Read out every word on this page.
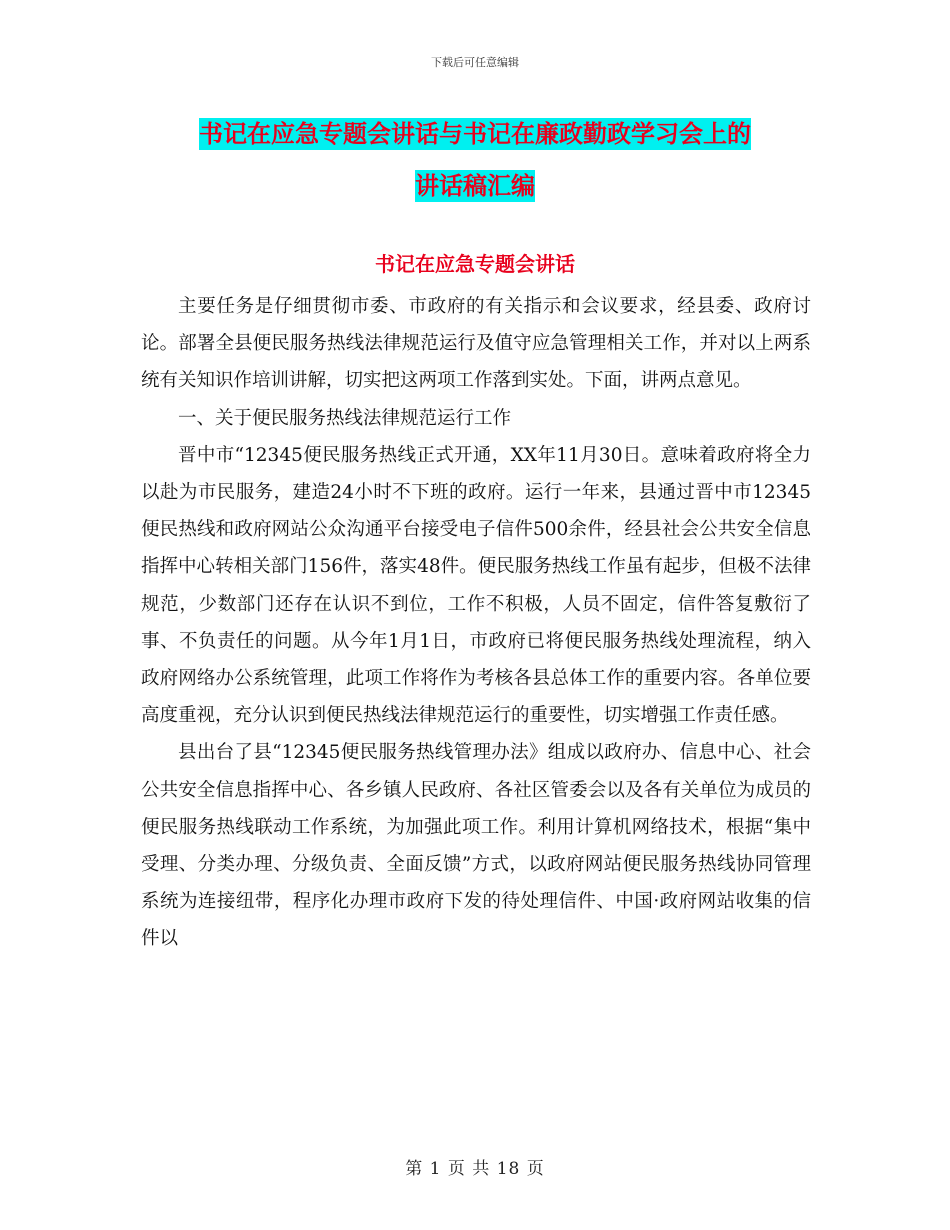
下载后可任意编辑
书记在应急专题会讲话与书记在廉政勤政学习会上的
讲话稿汇编
书记在应急专题会讲话

主要任务是仔细贯彻市委、市政府的有关指示和会议要求，经县委、政府讨论。部署全县便民服务热线法律规范运行及值守应急管理相关工作，并对以上两系统有关知识作培训讲解，切实把这两项工作落到实处。下面，讲两点意见。

一、关于便民服务热线法律规范运行工作

晋中市“12345便民服务热线正式开通，XX年11月30日。意味着政府将全力以赴为市民服务，建造24小时不下班的政府。运行一年来，县通过晋中市12345便民热线和政府网站公众沟通平台接受电子信件500余件，经县社会公共安全信息指挥中心转相关部门156件，落实48件。便民服务热线工作虽有起步，但极不法律规范，少数部门还存在认识不到位，工作不积极，人员不固定，信件答复敷衍了事、不负责任的问题。从今年1月1日，市政府已将便民服务热线处理流程，纳入政府网络办公系统管理，此项工作将作为考核各县总体工作的重要内容。各单位要高度重视，充分认识到便民热线法律规范运行的重要性，切实增强工作责任感。

县出台了县“12345便民服务热线管理办法》组成以政府办、信息中心、社会公共安全信息指挥中心、各乡镇人民政府、各社区管委会以及各有关单位为成员的便民服务热线联动工作系统，为加强此项工作。利用计算机网络技术，根据“集中受理、分类办理、分级负责、全面反馈”方式，以政府网站便民服务热线协同管理系统为连接纽带，程序化办理市政府下发的待处理信件、中国·政府网站收集的信件以

第 1 页 共 18 页
